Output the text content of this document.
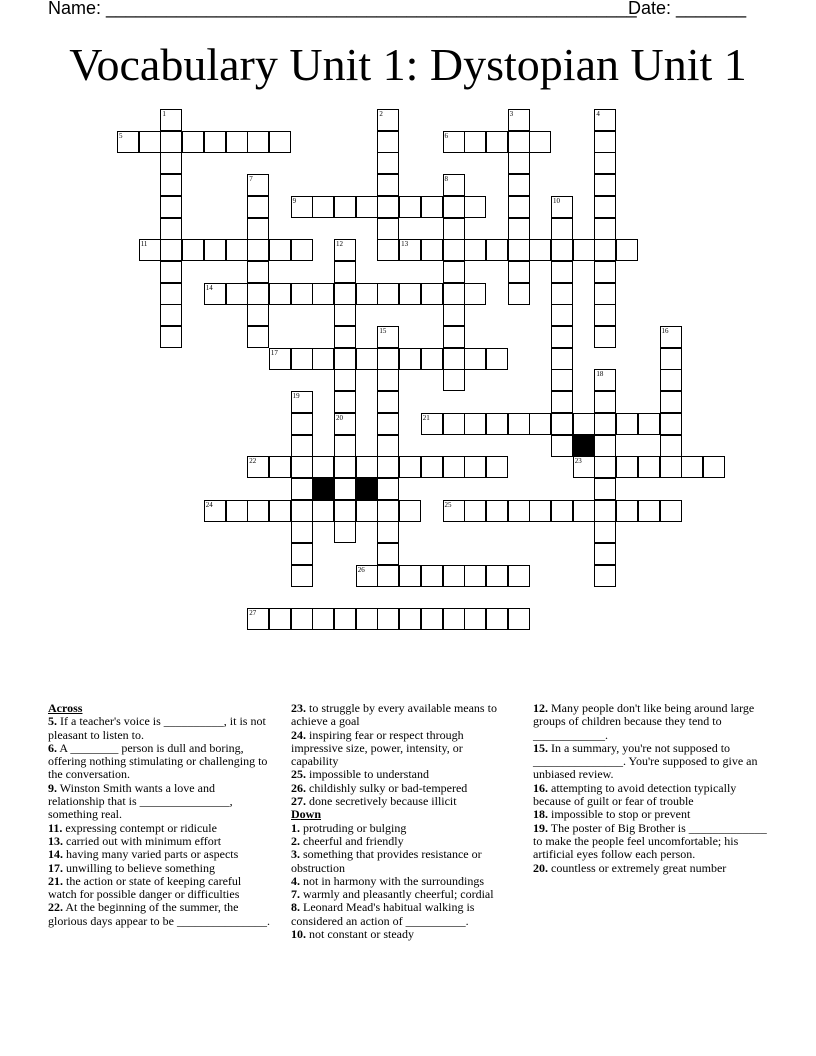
Name: _____________________________________________________
Date: _______
Vocabulary Unit 1: Dystopian Unit 1
1	2	3	4
5	6
7	8
9	10
11	12
20
13
14
15	16
17
18
19
21
22	23
24	25
26
27
Across
5. If a teacher's voice is __________, it is not pleasant to listen to.
6. A ________ person is dull and boring, offering nothing stimulating or challenging to the conversation.
9. Winston Smith wants a love and relationship that is _______________, something real.
11. expressing contempt or ridicule
13. carried out with minimum effort
14. having many varied parts or aspects
17. unwilling to believe something
21. the action or state of keeping careful watch for possible danger or difficulties
22. At the beginning of the summer, the glorious days appear to be _______________.
23. to struggle by every available means to achieve a goal
24. inspiring fear or respect through impressive size, power, intensity, or capability
25. impossible to understand
26. childishly sulky or bad-tempered
27. done secretively because illicit
Down
1. protruding or bulging
2. cheerful and friendly
3. something that provides resistance or obstruction
4. not in harmony with the surroundings
7. warmly and pleasantly cheerful; cordial
8. Leonard Mead's habitual walking is considered an action of __________.
10. not constant or steady
12. Many people don't like being around large groups of children because they tend to ____________.
15. In a summary, you're not supposed to _______________. You're supposed to give an unbiased review.
16. attempting to avoid detection typically because of guilt or fear of trouble
18. impossible to stop or prevent
19. The poster of Big Brother is _____________ to make the people feel uncomfortable; his artificial eyes follow each person.
20. countless or extremely great number
